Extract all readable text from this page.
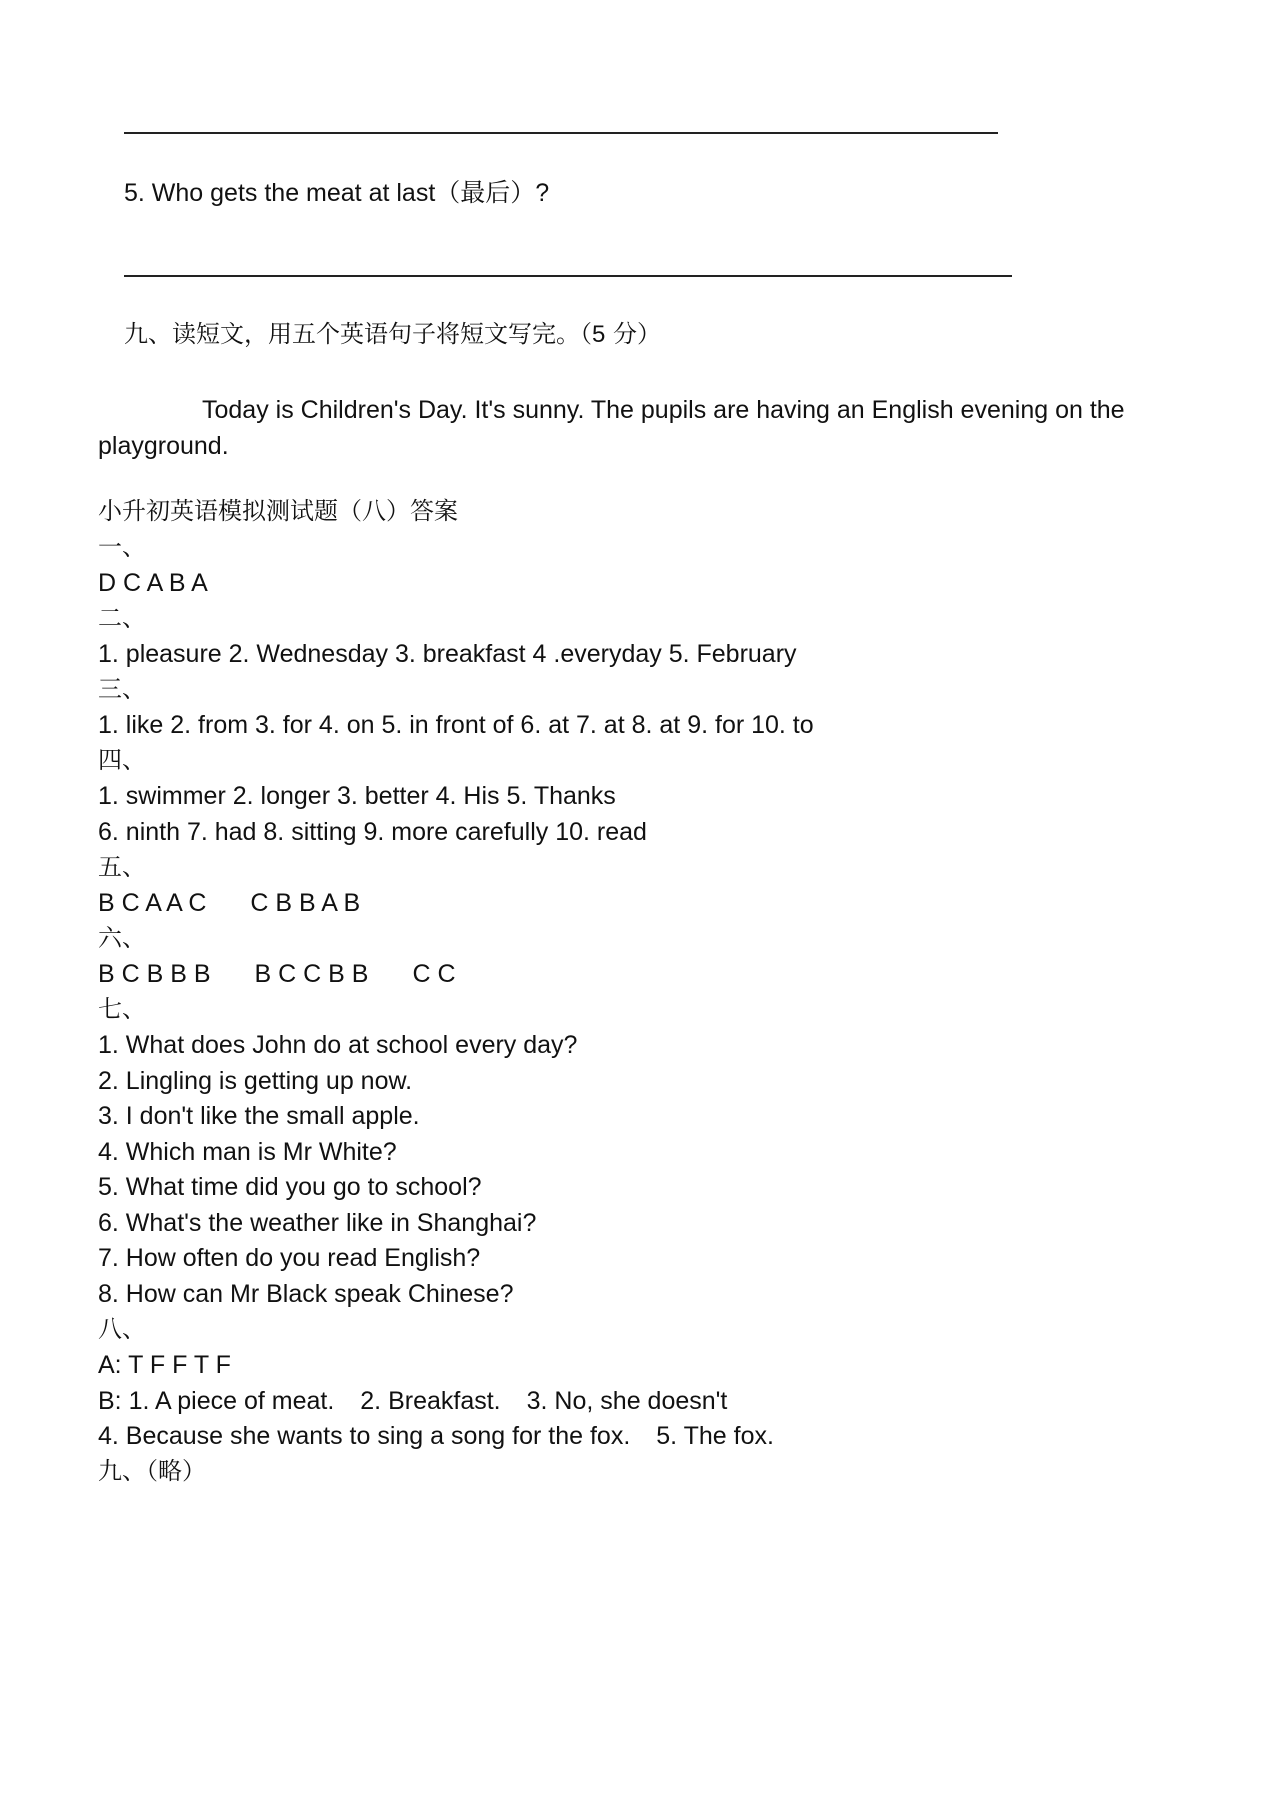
5. Who gets the meat at last（最后）?
九、读短文，用五个英语句子将短文写完。（5 分）
Today is Children's Day. It's sunny. The pupils are having an English evening on the playground.
小升初英语模拟测试题（八）答案
一、
D C A B A
二、
1. pleasure 2. Wednesday 3. breakfast 4 .everyday 5. February
三、
1. like 2. from 3. for 4. on 5. in front of 6. at 7. at 8. at 9. for 10. to
四、
1. swimmer 2. longer 3. better 4. His 5. Thanks
6. ninth 7. had 8. sitting 9. more carefully 10. read
五、
B C A A C C B B A B
六、
B C B B B B C C B B C C
七、
1. What does John do at school every day?
2. Lingling is getting up now.
3. I don't like the small apple.
4. Which man is Mr White?
5. What time did you go to school?
6. What's the weather like in Shanghai?
7. How often do you read English?
8. How can Mr Black speak Chinese?
八、
A: T F F T F
B: 1. A piece of meat. 2. Breakfast. 3. No, she doesn't
4. Because she wants to sing a song for the fox. 5. The fox.
九、（略）
